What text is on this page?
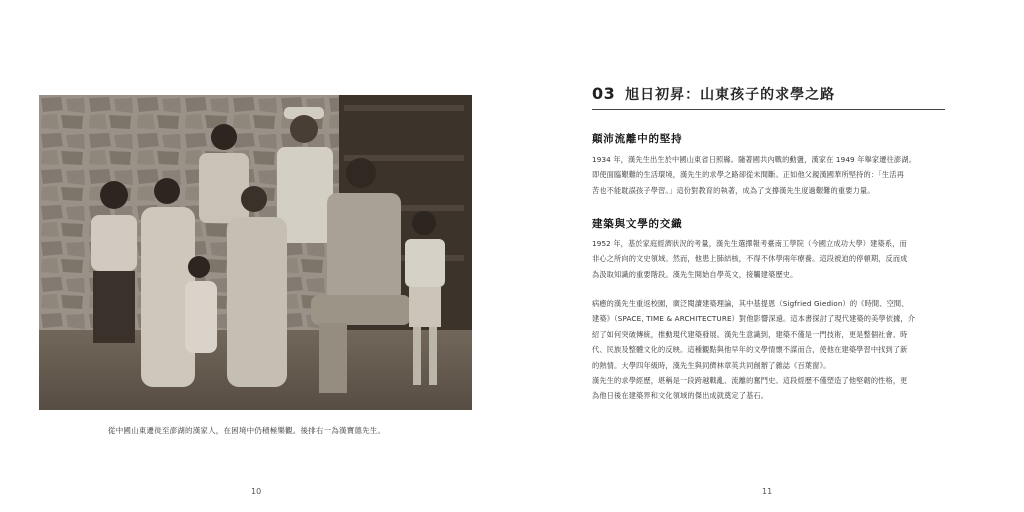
從中國山東遷徙至澎湖的漢家人，在困境中仍積極樂觀。後排右一為漢寶德先生。
10
03 旭日初昇：山東孩子的求學之路
顛沛流離中的堅持
1934 年，漢先生出生於中國山東省日照縣。隨著國共內戰的動盪，漢家在 1949 年舉家遷往澎湖。
即使面臨艱難的生活環境，漢先生的求學之路卻從未間斷。正如他父親漢國華所堅持的：「生活再
苦也不能耽誤孩子學習。」這份對教育的執著，成為了支撐漢先生度過艱難的重要力量。
建築與文學的交織
1952 年，基於家庭經濟狀況的考量，漢先生選擇報考臺南工學院（今國立成功大學）建築系，而
非心之所向的文史領域。然而，他患上肺結核，不得不休學兩年療養。這段被迫的停頓期，反而成
為汲取知識的重要階段。漢先生開始自學英文，接觸建築歷史。
病癒的漢先生重返校園，廣泛閱讀建築理論，其中基提恩（Sigfried Giedion）的《時間、空間、
建築》（SPACE, TIME & ARCHITECTURE）對他影響深遠。這本書探討了現代建築的美學依據，介
紹了如何突破傳統，推動現代建築發展。漢先生意識到，建築不僅是一門技術，更是整個社會、時
代、民族及整體文化的反映。這種觀點與他早年的文學情懷不謀而合，使他在建築學習中找到了新
的熱情。大學四年級時，漢先生與同儕林章英共同創辦了雜誌《百葉窗》。
漢先生的求學經歷，堪稱是一段跨越戰亂、流離的奮鬥史。這段經歷不僅塑造了他堅韌的性格，更
為他日後在建築界和文化領域的傑出成就奠定了基石。
11
